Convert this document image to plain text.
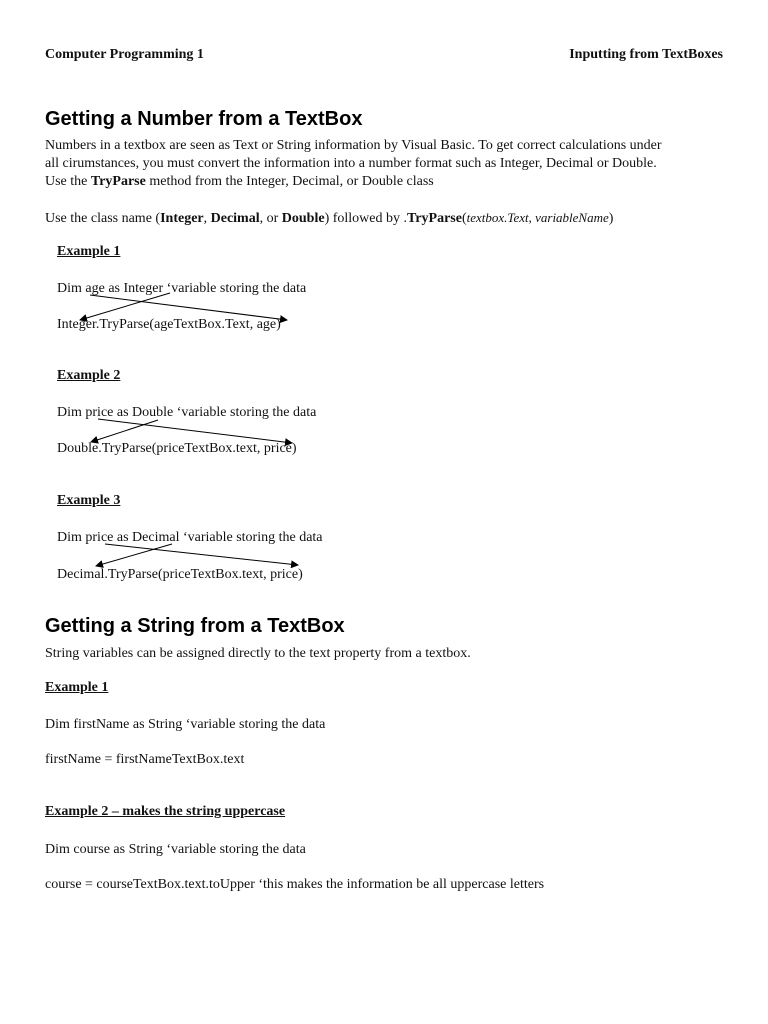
Computer Programming 1	Inputting from TextBoxes
Getting a Number from a TextBox
Numbers in a textbox are seen as Text or String information by Visual Basic. To get correct calculations under
all cirumstances, you must convert the information into a number format such as Integer, Decimal or Double.
Use the TryParse method from the Integer, Decimal, or Double class
Use the class name (Integer, Decimal, or Double) followed by .TryParse(textbox.Text, variableName)
Example 1
Dim age as Integer ‘variable storing the data
Integer.TryParse(ageTextBox.Text, age)
Example 2
Dim price as Double ‘variable storing the data
Double.TryParse(priceTextBox.text, price)
Example 3
Dim price as Decimal ‘variable storing the data
Decimal.TryParse(priceTextBox.text, price)
Getting a String from a TextBox
String variables can be assigned directly to the text property from a textbox.
Example 1
Dim firstName as String ‘variable storing the data
firstName = firstNameTextBox.text
Example 2 – makes the string uppercase
Dim course as String ‘variable storing the data
course = courseTextBox.text.toUpper ‘this makes the information be all uppercase letters
